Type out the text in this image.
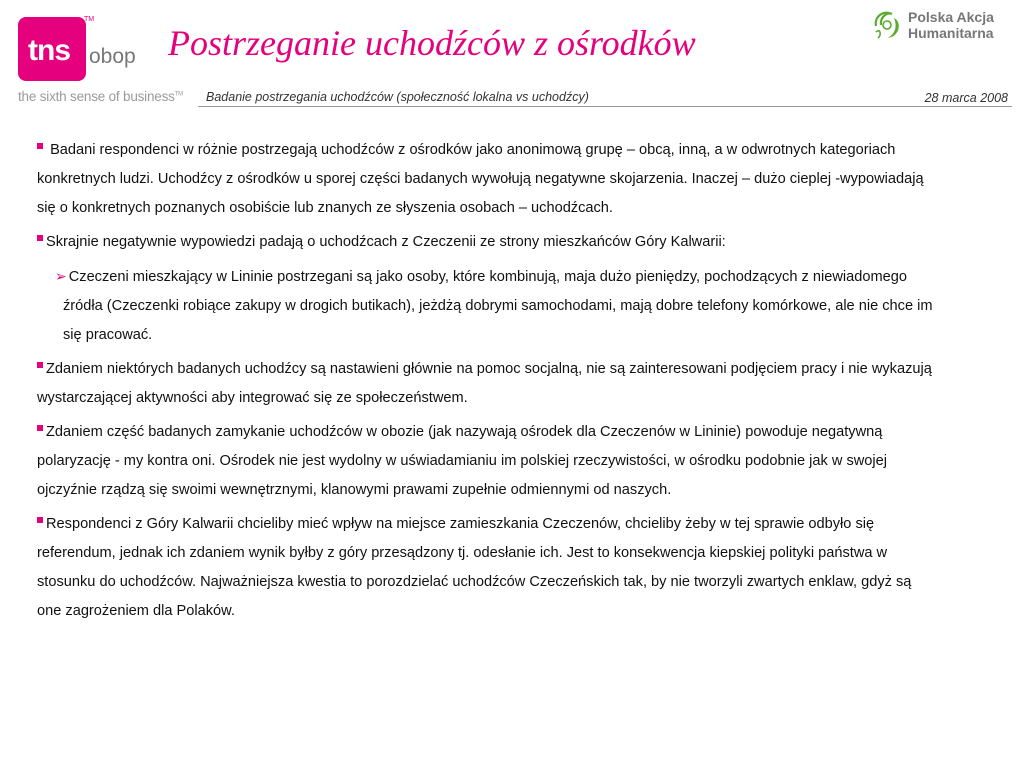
tns
TM
obop
the sixth sense of business™
Postrzeganie uchodźców z ośrodków
Polska Akcja
Humanitarna
Badanie postrzegania uchodźców (społeczność lokalna vs uchodźcy)	28 marca 2008

Badani respondenci w różnie postrzegają uchodźców z ośrodków jako anonimową grupę – obcą, inną, a w odwrotnych kategoriach konkretnych ludzi. Uchodźcy z ośrodków u sporej części badanych wywołują negatywne skojarzenia. Inaczej – dużo cieplej -wypowiadają się o konkretnych poznanych osobiście lub znanych ze słyszenia osobach – uchodźcach.

Skrajnie negatywnie wypowiedzi padają o uchodźcach z Czeczenii ze strony mieszkańców Góry Kalwarii:

➢ Czeczeni mieszkający w Lininie postrzegani są jako osoby, które kombinują, maja dużo pieniędzy, pochodzących z niewiadomego źródła (Czeczenki robiące zakupy w drogich butikach), jeżdżą dobrymi samochodami, mają dobre telefony komórkowe, ale nie chce im się pracować.

Zdaniem niektórych badanych uchodźcy są nastawieni głównie na pomoc socjalną, nie są zainteresowani podjęciem pracy i nie wykazują wystarczającej aktywności aby integrować się ze społeczeństwem.

Zdaniem część badanych zamykanie uchodźców w obozie (jak nazywają ośrodek dla Czeczenów w Lininie) powoduje negatywną polaryzację - my kontra oni. Ośrodek nie jest wydolny w uświadamianiu im polskiej rzeczywistości, w ośrodku podobnie jak w swojej ojczyźnie rządzą się swoimi wewnętrznymi, klanowymi prawami zupełnie odmiennymi od naszych.

Respondenci z Góry Kalwarii chcieliby mieć wpływ na miejsce zamieszkania Czeczenów, chcieliby żeby w tej sprawie odbyło się referendum, jednak ich zdaniem wynik byłby z góry przesądzony tj. odesłanie ich. Jest to konsekwencja kiepskiej polityki państwa w stosunku do uchodźców. Najważniejsza kwestia to porozdzielać uchodźców Czeczeńskich tak, by nie tworzyli zwartych enklaw, gdyż są one zagrożeniem dla Polaków.
